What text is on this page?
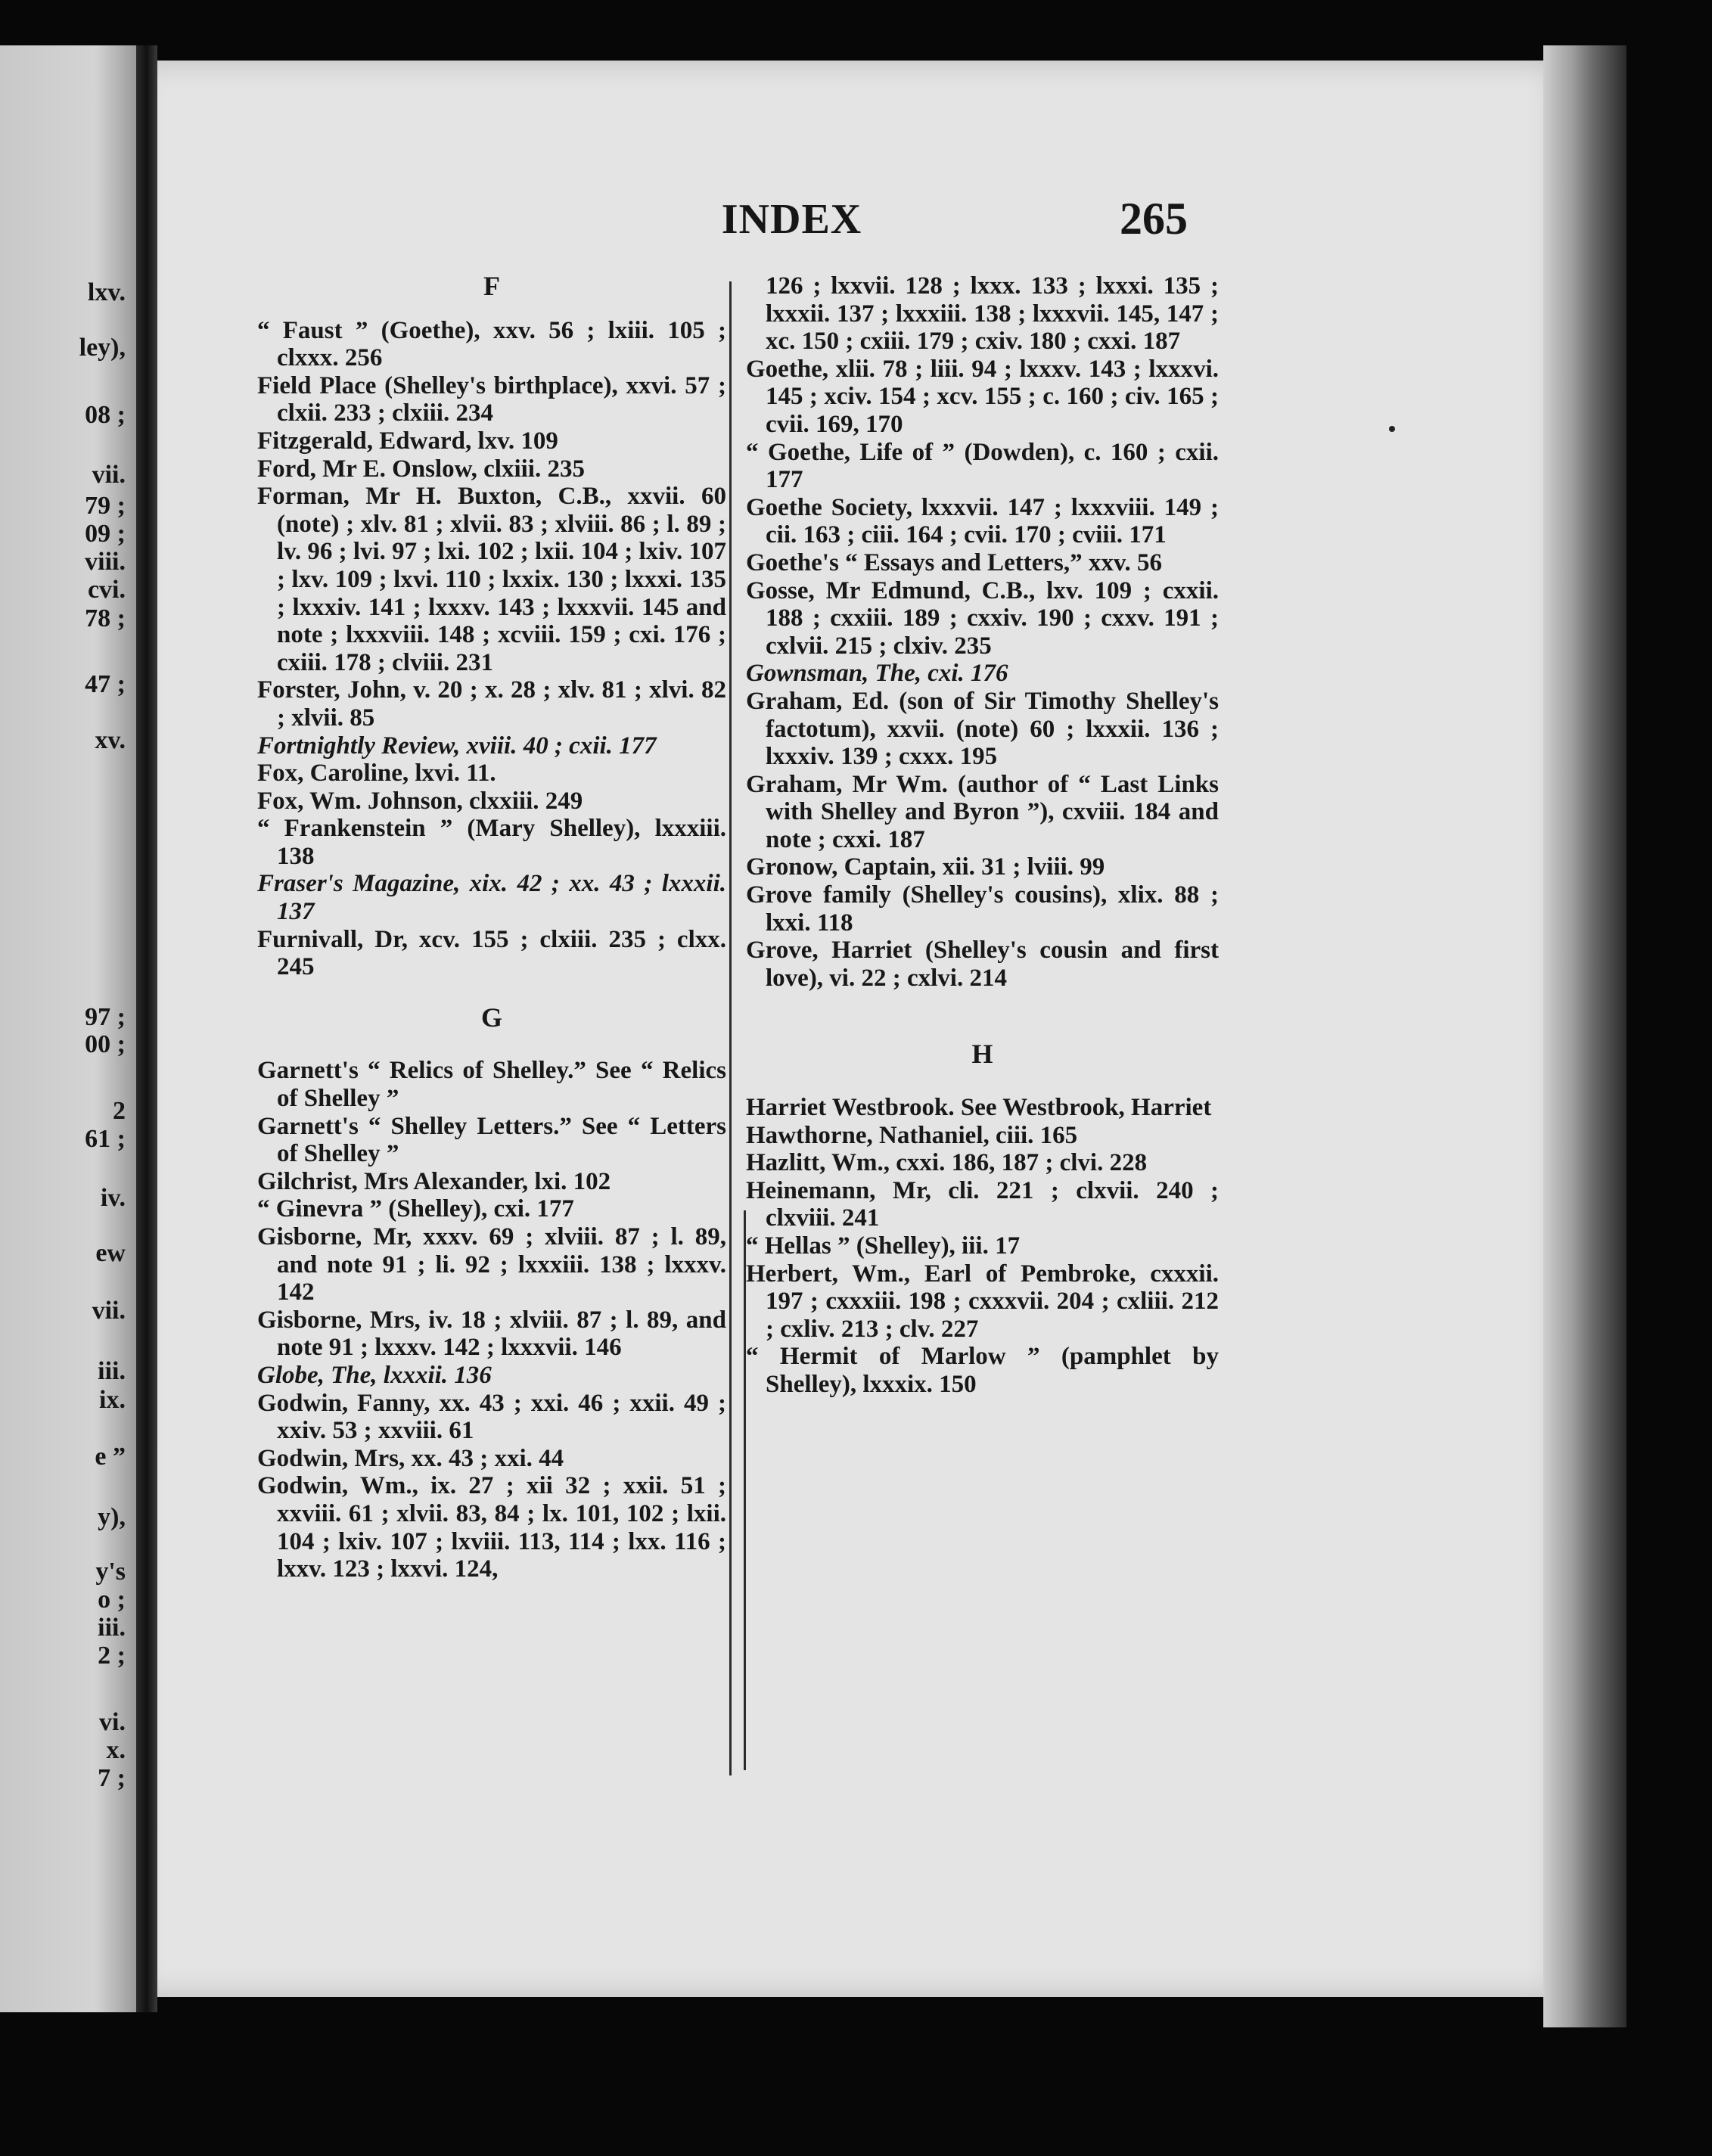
lxv.

ley),

08 ;

vii.

79 ;

09 ;

viii.

cvi.

78 ;

47 ;

xv.

97 ;

00 ;

2

61 ;

iv.

ew

vii.

iii.

ix.

e ”

y),

y's

o ;

iii.

2 ;

vi.

x.

7 ;

INDEX	265

F

“ Faust ” (Goethe), xxv. 56 ; lxiii. 105 ; clxxx. 256

Field Place (Shelley's birthplace), xxvi. 57 ; clxii. 233 ; clxiii. 234

Fitzgerald, Edward, lxv. 109

Ford, Mr E. Onslow, clxiii. 235

Forman, Mr H. Buxton, C.B., xxvii. 60 (note) ; xlv. 81 ; xlvii. 83 ; xlviii. 86 ; l. 89 ; lv. 96 ; lvi. 97 ; lxi. 102 ; lxii. 104 ; lxiv. 107 ; lxv. 109 ; lxvi. 110 ; lxxix. 130 ; lxxxi. 135 ; lxxxiv. 141 ; lxxxv. 143 ; lxxxvii. 145 and note ; lxxxviii. 148 ; xcviii. 159 ; cxi. 176 ; cxiii. 178 ; clviii. 231

Forster, John, v. 20 ; x. 28 ; xlv. 81 ; xlvi. 82 ; xlvii. 85

Fortnightly Review, xviii. 40 ; cxii. 177

Fox, Caroline, lxvi. 11.

Fox, Wm. Johnson, clxxiii. 249

“ Frankenstein ” (Mary Shelley), lxxxiii. 138

Fraser's Magazine, xix. 42 ; xx. 43 ; lxxxii. 137

Furnivall, Dr, xcv. 155 ; clxiii. 235 ; clxx. 245

G

Garnett's “ Relics of Shelley.” See “ Relics of Shelley ”

Garnett's “ Shelley Letters.” See “ Letters of Shelley ”

Gilchrist, Mrs Alexander, lxi. 102

“ Ginevra ” (Shelley), cxi. 177

Gisborne, Mr, xxxv. 69 ; xlviii. 87 ; l. 89, and note 91 ; li. 92 ; lxxxiii. 138 ; lxxxv. 142

Gisborne, Mrs, iv. 18 ; xlviii. 87 ; l. 89, and note 91 ; lxxxv. 142 ; lxxxvii. 146

Globe, The, lxxxii. 136

Godwin, Fanny, xx. 43 ; xxi. 46 ; xxii. 49 ; xxiv. 53 ; xxviii. 61

Godwin, Mrs, xx. 43 ; xxi. 44

Godwin, Wm., ix. 27 ; xii 32 ; xxii. 51 ; xxviii. 61 ; xlvii. 83, 84 ; lx. 101, 102 ; lxii. 104 ; lxiv. 107 ; lxviii. 113, 114 ; lxx. 116 ; lxxv. 123 ; lxxvi. 124,

126 ; lxxvii. 128 ; lxxx. 133 ; lxxxi. 135 ; lxxxii. 137 ; lxxxiii. 138 ; lxxxvii. 145, 147 ; xc. 150 ; cxiii. 179 ; cxiv. 180 ; cxxi. 187

Goethe, xlii. 78 ; liii. 94 ; lxxxv. 143 ; lxxxvi. 145 ; xciv. 154 ; xcv. 155 ; c. 160 ; civ. 165 ; cvii. 169, 170

“ Goethe, Life of ” (Dowden), c. 160 ; cxii. 177

Goethe Society, lxxxvii. 147 ; lxxxviii. 149 ; cii. 163 ; ciii. 164 ; cvii. 170 ; cviii. 171

Goethe's “ Essays and Letters,” xxv. 56

Gosse, Mr Edmund, C.B., lxv. 109 ; cxxii. 188 ; cxxiii. 189 ; cxxiv. 190 ; cxxv. 191 ; cxlvii. 215 ; clxiv. 235

Gownsman, The, cxi. 176

Graham, Ed. (son of Sir Timothy Shelley's factotum), xxvii. (note) 60 ; lxxxii. 136 ; lxxxiv. 139 ; cxxx. 195

Graham, Mr Wm. (author of “ Last Links with Shelley and Byron ”), cxviii. 184 and note ; cxxi. 187

Gronow, Captain, xii. 31 ; lviii. 99

Grove family (Shelley's cousins), xlix. 88 ; lxxi. 118

Grove, Harriet (Shelley's cousin and first love), vi. 22 ; cxlvi. 214

H

Harriet Westbrook. See Westbrook, Harriet

Hawthorne, Nathaniel, ciii. 165

Hazlitt, Wm., cxxi. 186, 187 ; clvi. 228

Heinemann, Mr, cli. 221 ; clxvii. 240 ; clxviii. 241

“ Hellas ” (Shelley), iii. 17

Herbert, Wm., Earl of Pembroke, cxxxii. 197 ; cxxxiii. 198 ; cxxxvii. 204 ; cxliii. 212 ; cxliv. 213 ; clv. 227

“ Hermit of Marlow ” (pamphlet by Shelley), lxxxix. 150
